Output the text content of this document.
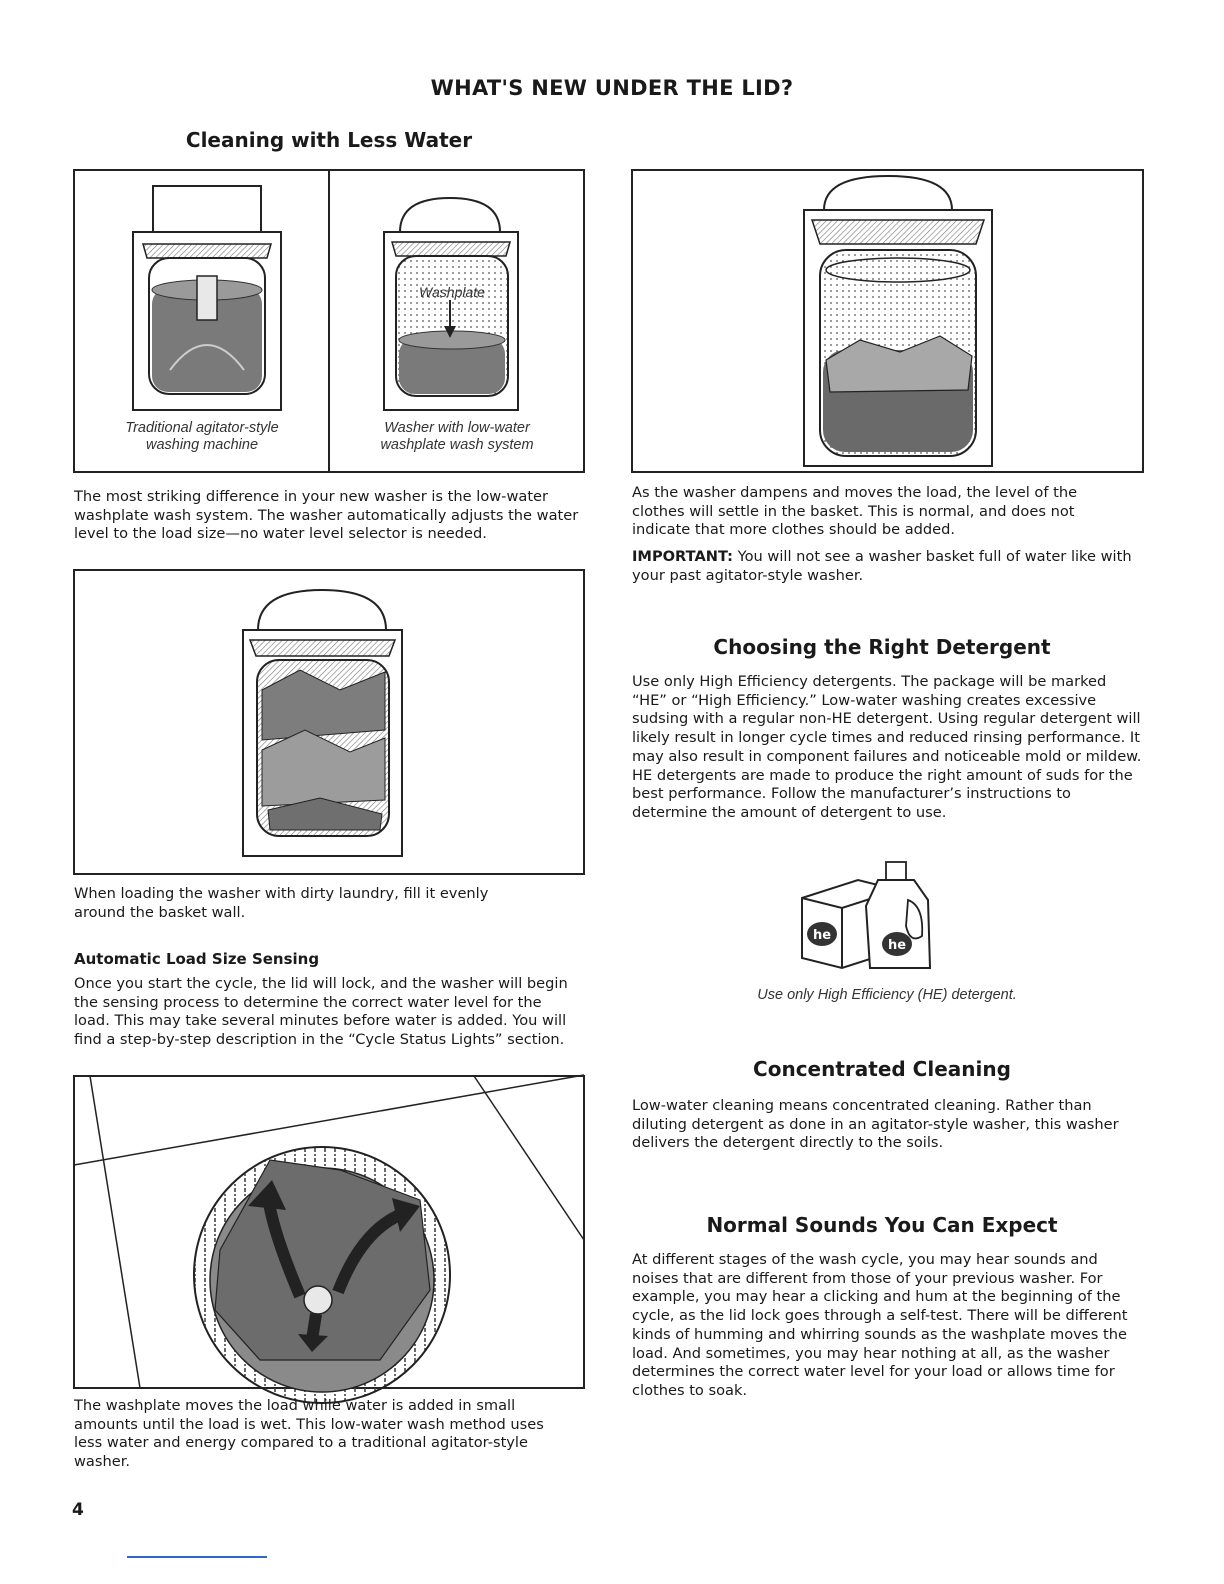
he
he
WHAT'S NEW UNDER THE LID?
Cleaning with Less Water
Traditional agitator-style
washing machine
Washer with low-water
washplate wash system
Washplate

The most striking difference in your new washer is the low-water washplate wash system. The washer automatically adjusts the water level to the load size—no water level selector is needed.

When loading the washer with dirty laundry, fill it evenly around the basket wall.

Automatic Load Size Sensing

Once you start the cycle, the lid will lock, and the washer will begin the sensing process to determine the correct water level for the load. This may take several minutes before water is added. You will find a step-by-step description in the “Cycle Status Lights” section.

The washplate moves the load while water is added in small amounts until the load is wet. This low-water wash method uses less water and energy compared to a traditional agitator-style washer.

As the washer dampens and moves the load, the level of the clothes will settle in the basket. This is normal, and does not indicate that more clothes should be added.

IMPORTANT: You will not see a washer basket full of water like with your past agitator-style washer.

Choosing the Right Detergent

Use only High Efficiency detergents. The package will be marked “HE” or “High Efficiency.” Low-water washing creates excessive sudsing with a regular non-HE detergent. Using regular detergent will likely result in longer cycle times and reduced rinsing performance. It may also result in component failures and noticeable mold or mildew. HE detergents are made to produce the right amount of suds for the best performance. Follow the manufacturer’s instructions to determine the amount of detergent to use.

Use only High Efficiency (HE) detergent.
Concentrated Cleaning

Low-water cleaning means concentrated cleaning. Rather than diluting detergent as done in an agitator-style washer, this washer delivers the detergent directly to the soils.

Normal Sounds You Can Expect

At different stages of the wash cycle, you may hear sounds and noises that are different from those of your previous washer. For example, you may hear a clicking and hum at the beginning of the cycle, as the lid lock goes through a self-test. There will be different kinds of humming and whirring sounds as the washplate moves the load. And sometimes, you may hear nothing at all, as the washer determines the correct water level for your load or allows time for clothes to soak.

4
